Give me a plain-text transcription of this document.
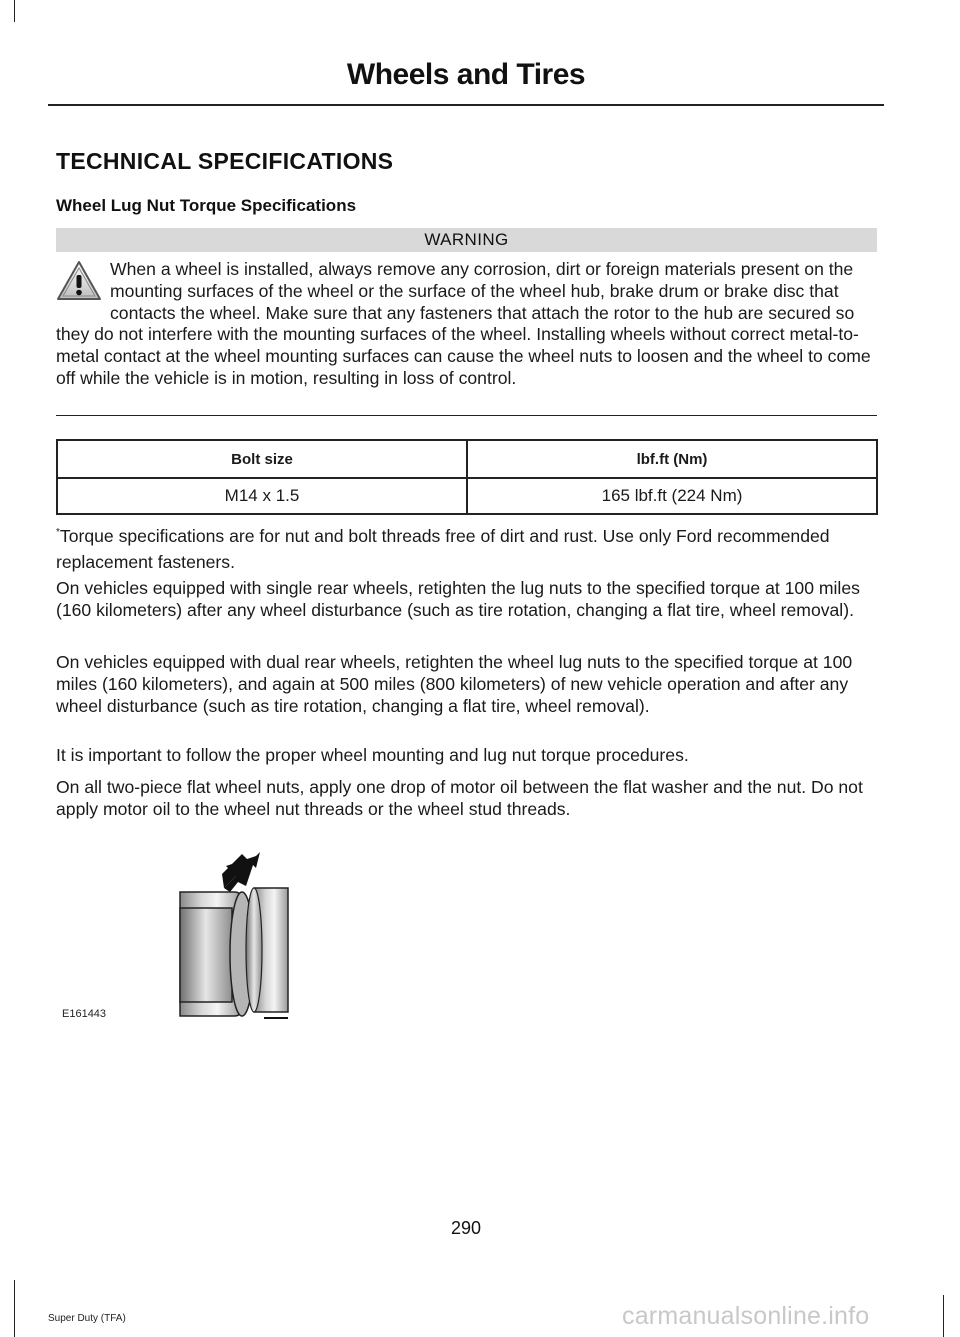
Wheels and Tires
TECHNICAL SPECIFICATIONS
Wheel Lug Nut Torque Specifications
WARNING

When a wheel is installed, always remove any corrosion, dirt or foreign materials present on the mounting surfaces of the wheel or the surface of the wheel hub, brake drum or brake disc that contacts the wheel. Make sure that any fasteners that attach the rotor to the hub are secured so they do not interfere with the mounting surfaces of the wheel. Installing wheels without correct metal-to-metal contact at the wheel mounting surfaces can cause the wheel nuts to loosen and the wheel to come off while the vehicle is in motion, resulting in loss of control.

Bolt size	lbf.ft (Nm)
M14 x 1.5	165 lbf.ft (224 Nm)

*Torque specifications are for nut and bolt threads free of dirt and rust. Use only Ford recommended replacement fasteners.

On vehicles equipped with single rear wheels, retighten the lug nuts to the specified torque at 100 miles (160 kilometers) after any wheel disturbance (such as tire rotation, changing a flat tire, wheel removal).

On vehicles equipped with dual rear wheels, retighten the wheel lug nuts to the specified torque at 100 miles (160 kilometers), and again at 500 miles (800 kilometers) of new vehicle operation and after any wheel disturbance (such as tire rotation, changing a flat tire, wheel removal).

It is important to follow the proper wheel mounting and lug nut torque procedures.

On all two-piece flat wheel nuts, apply one drop of motor oil between the flat washer and the nut. Do not apply motor oil to the wheel nut threads or the wheel stud threads.

E161443
290
Super Duty (TFA)	carmanualsonline.info
